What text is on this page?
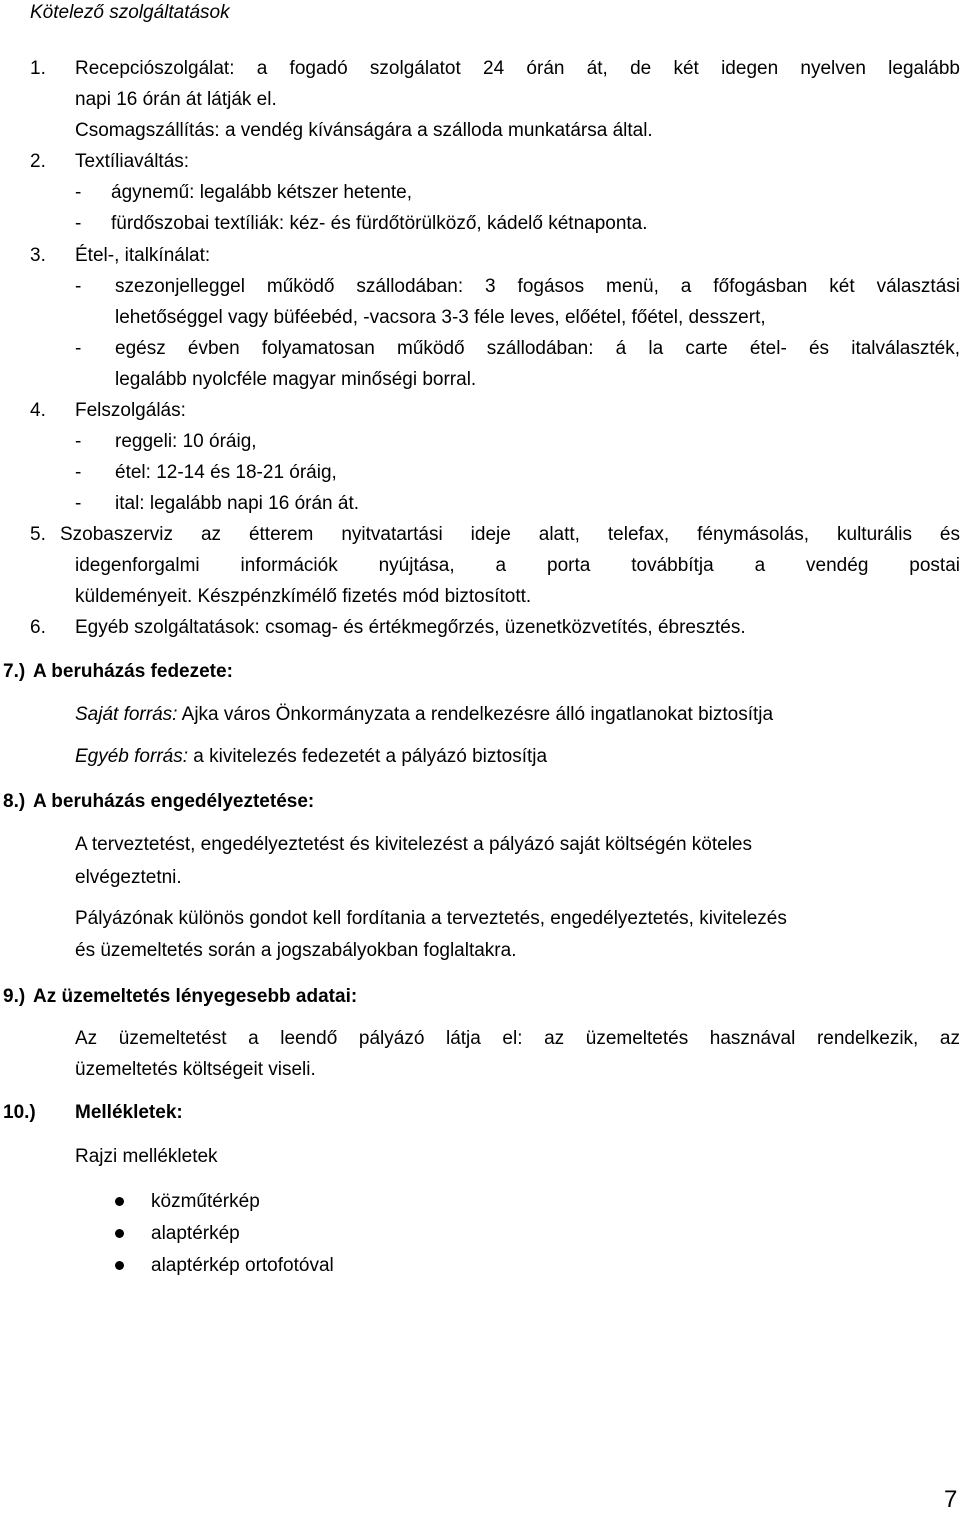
Kötelező szolgáltatások
1. Recepciószolgálat: a fogadó szolgálatot 24 órán át, de két idegen nyelven legalább
napi 16 órán át látják el.
Csomagszállítás: a vendég kívánságára a szálloda munkatársa által.
2. Textíliaváltás:
- ágynemű: legalább kétszer hetente,
- fürdőszobai textíliák: kéz- és fürdőtörülköző, kádelő kétnaponta.
3. Étel-, italkínálat:
- szezonjelleggel működő szállodában: 3 fogásos menü, a főfogásban két választási
lehetőséggel vagy büféebéd, -vacsora 3-3 féle leves, előétel, főétel, desszert,
- egész évben folyamatosan működő szállodában: á la carte étel- és italválaszték,
legalább nyolcféle magyar minőségi borral.
4. Felszolgálás:
- reggeli: 10 óráig,
- étel: 12-14 és 18-21 óráig,
- ital: legalább napi 16 órán át.
5. Szobaszerviz az étterem nyitvatartási ideje alatt, telefax, fénymásolás, kulturális és
idegenforgalmi információk nyújtása, a porta továbbítja a vendég postai
küldeményeit. Készpénzkímélő fizetés mód biztosított.
6. Egyéb szolgáltatások: csomag- és értékmegőrzés, üzenetközvetítés, ébresztés.
7.) A beruházás fedezete:
Saját forrás: Ajka város Önkormányzata a rendelkezésre álló ingatlanokat biztosítja
Egyéb forrás: a kivitelezés fedezetét a pályázó biztosítja
8.) A beruházás engedélyeztetése:
A terveztetést, engedélyeztetést és kivitelezést a pályázó saját költségén köteles
elvégeztetni.
Pályázónak különös gondot kell fordítania a terveztetés, engedélyeztetés, kivitelezés
és üzemeltetés során a jogszabályokban foglaltakra.
9.) Az üzemeltetés lényegesebb adatai:
Az üzemeltetést a leendő pályázó látja el: az üzemeltetés hasznával rendelkezik, az
üzemeltetés költségeit viseli.
10.) Mellékletek:
Rajzi mellékletek
közműtérkép
alaptérkép
alaptérkép ortofotóval
7
